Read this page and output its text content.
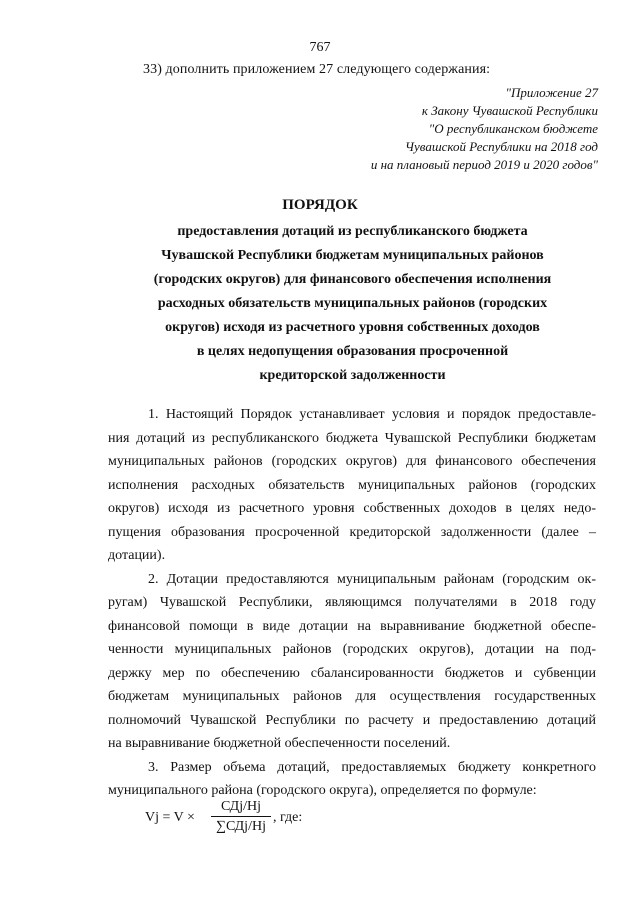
767
33) дополнить приложением 27 следующего содержания:
"Приложение 27
к Закону Чувашской Республики
"О республиканском бюджете
Чувашской Республики на 2018 год
и на плановый период 2019 и 2020 годов"
ПОРЯДОК
предоставления дотаций из республиканского бюджета
Чувашской Республики бюджетам муниципальных районов
(городских округов) для финансового обеспечения исполнения
расходных обязательств муниципальных районов (городских
округов) исходя из расчетного уровня собственных доходов
в целях недопущения образования просроченной
кредиторской задолженности
1. Настоящий Порядок устанавливает условия и порядок предоставле-
ния дотаций из республиканского бюджета Чувашской Республики бюджетам
муниципальных районов (городских округов) для финансового обеспечения
исполнения расходных обязательств муниципальных районов (городских
округов) исходя из расчетного уровня собственных доходов в целях недо-
пущения образования просроченной кредиторской задолженности (далее –
дотации).
2. Дотации предоставляются муниципальным районам (городским ок-
ругам) Чувашской Республики, являющимся получателями в 2018 году
финансовой помощи в виде дотации на выравнивание бюджетной обеспе-
ченности муниципальных районов (городских округов), дотации на под-
держку мер по обеспечению сбалансированности бюджетов и субвенции
бюджетам муниципальных районов для осуществления государственных
полномочий Чувашской Республики по расчету и предоставлению дотаций
на выравнивание бюджетной обеспеченности поселений.
3. Размер объема дотаций, предоставляемых бюджету конкретного
муниципального района (городского округа), определяется по формуле:
Vj = V ×
СДj/Hj
∑СДj/Hj
, где:
